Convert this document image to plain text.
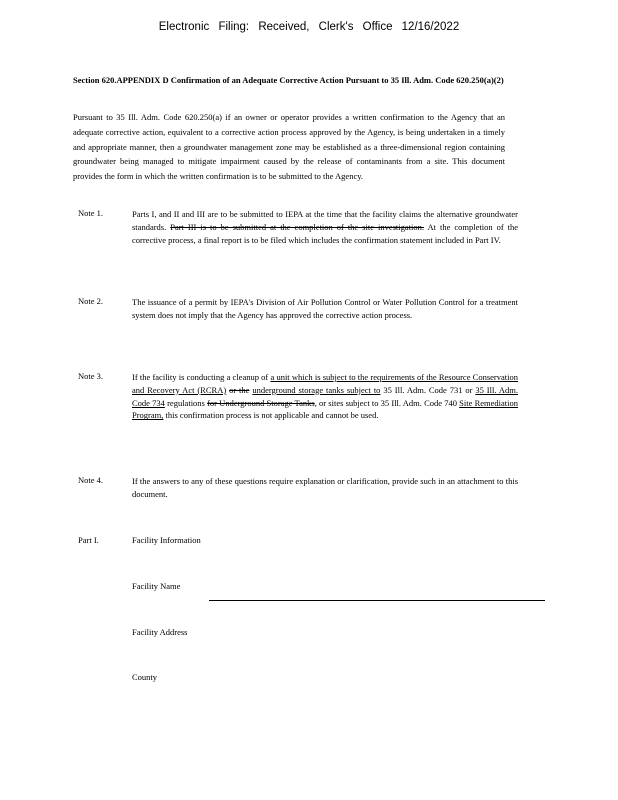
Electronic Filing: Received, Clerk's Office 12/16/2022
Section 620.APPENDIX D Confirmation of an Adequate Corrective Action Pursuant to 35 Ill. Adm. Code 620.250(a)(2)
Pursuant to 35 Ill. Adm. Code 620.250(a) if an owner or operator provides a written confirmation to the Agency that an adequate corrective action, equivalent to a corrective action process approved by the Agency, is being undertaken in a timely and appropriate manner, then a groundwater management zone may be established as a three-dimensional region containing groundwater being managed to mitigate impairment caused by the release of contaminants from a site. This document provides the form in which the written confirmation is to be submitted to the Agency.
Note 1.	Parts I, and II and III are to be submitted to IEPA at the time that the facility claims the alternative groundwater standards. Part III is to be submitted at the completion of the site investigation. At the completion of the corrective process, a final report is to be filed which includes the confirmation statement included in Part IV.
Note 2.	The issuance of a permit by IEPA's Division of Air Pollution Control or Water Pollution Control for a treatment system does not imply that the Agency has approved the corrective action process.
Note 3.	If the facility is conducting a cleanup of a unit which is subject to the requirements of the Resource Conservation and Recovery Act (RCRA) or the underground storage tanks subject to 35 Ill. Adm. Code 731 or 35 Ill. Adm. Code 734 regulations for Underground Storage Tanks, or sites subject to 35 Ill. Adm. Code 740 Site Remediation Program, this confirmation process is not applicable and cannot be used.
Note 4.	If the answers to any of these questions require explanation or clarification, provide such in an attachment to this document.
Part I.	Facility Information
Facility Name
Facility Address
County
